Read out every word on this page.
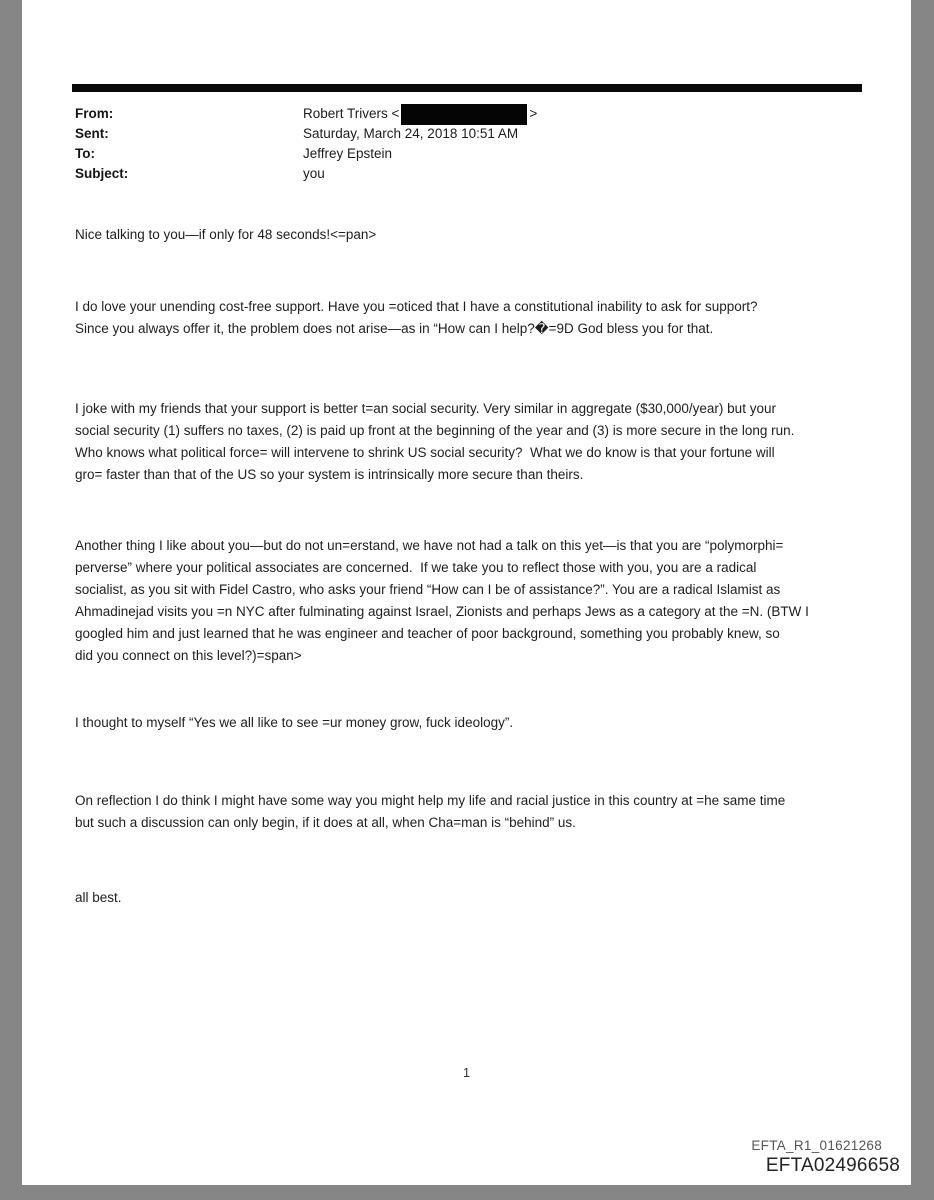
From:	Robert Trivers <	>
Sent:	Saturday, March 24, 2018 10:51 AM
To:	Jeffrey Epstein
Subject:	you
Nice talking to you—if only for 48 seconds!<=pan>
I do love your unending cost-free support. Have you =oticed that I have a constitutional inability to ask for support?
Since you always offer it, the problem does not arise—as in “How can I help?�=9D God bless you for that.
I joke with my friends that your support is better t=an social security. Very similar in aggregate ($30,000/year) but your
social security (1) suffers no taxes, (2) is paid up front at the beginning of the year and (3) is more secure in the long run.
Who knows what political force= will intervene to shrink US social security?  What we do know is that your fortune will
gro= faster than that of the US so your system is intrinsically more secure than theirs.
Another thing I like about you—but do not un=erstand, we have not had a talk on this yet—is that you are “polymorphi=
perverse” where your political associates are concerned.  If we take you to reflect those with you, you are a radical
socialist, as you sit with Fidel Castro, who asks your friend “How can I be of assistance?”. You are a radical Islamist as
Ahmadinejad visits you =n NYC after fulminating against Israel, Zionists and perhaps Jews as a category at the =N. (BTW I
googled him and just learned that he was engineer and teacher of poor background, something you probably knew, so
did you connect on this level?)=span>
I thought to myself “Yes we all like to see =ur money grow, fuck ideology”.
On reflection I do think I might have some way you might help my life and racial justice in this country at =he same time
but such a discussion can only begin, if it does at all, when Cha=man is “behind” us.
all best.
1
EFTA_R1_01621268
EFTA02496658
